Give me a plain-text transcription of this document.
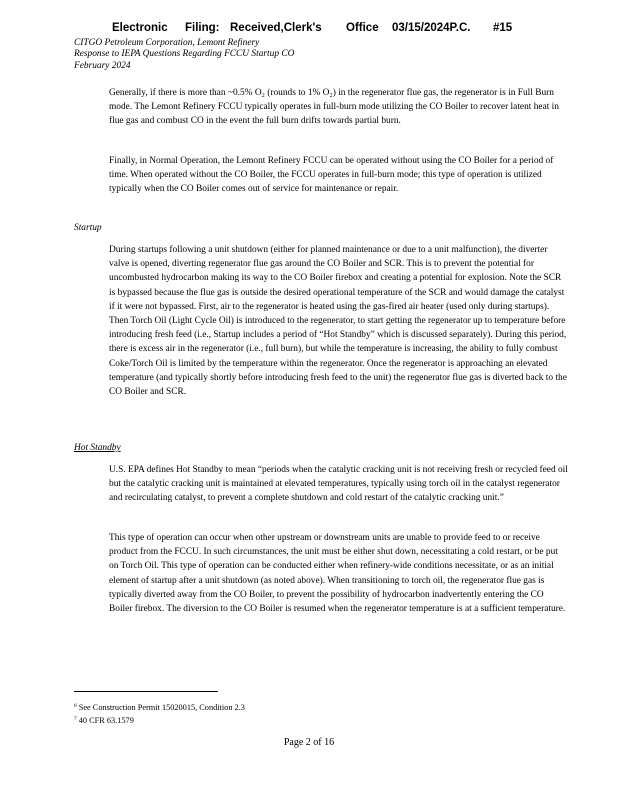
Electronic Filing: Received,Clerk's Office 03/15/2024P.C. #15
CITGO Petroleum Corporation, Lemont Refinery
Response to IEPA Questions Regarding FCCU Startup CO
February 2024

Generally, if there is more than ~0.5% O₂ (rounds to 1% O₂) in the regenerator flue gas, the regenerator is in Full Burn mode. The Lemont Refinery FCCU typically operates in full-burn mode utilizing the CO Boiler to recover latent heat in flue gas and combust CO in the event the full burn drifts towards partial burn.

Finally, in Normal Operation, the Lemont Refinery FCCU can be operated without using the CO Boiler for a period of time. When operated without the CO Boiler, the FCCU operates in full-burn mode; this type of operation is utilized typically when the CO Boiler comes out of service for maintenance or repair.

Startup

During startups following a unit shutdown (either for planned maintenance or due to a unit malfunction), the diverter valve is opened, diverting regenerator flue gas around the CO Boiler and SCR. This is to prevent the potential for uncombusted hydrocarbon making its way to the CO Boiler firebox and creating a potential for explosion. Note the SCR is bypassed because the flue gas is outside the desired operational temperature of the SCR and would damage the catalyst if it were not bypassed. First, air to the regenerator is heated using the gas-fired air heater (used only during startups). Then Torch Oil (Light Cycle Oil) is introduced to the regenerator, to start getting the regenerator up to temperature before introducing fresh feed (i.e., Startup includes a period of “Hot Standby” which is discussed separately). During this period, there is excess air in the regenerator (i.e., full burn), but while the temperature is increasing, the ability to fully combust Coke/Torch Oil is limited by the temperature within the regenerator. Once the regenerator is approaching an elevated temperature (and typically shortly before introducing fresh feed to the unit) the regenerator flue gas is diverted back to the CO Boiler and SCR.

Hot Standby

U.S. EPA defines Hot Standby to mean “periods when the catalytic cracking unit is not receiving fresh or recycled feed oil but the catalytic cracking unit is maintained at elevated temperatures, typically using torch oil in the catalyst regenerator and recirculating catalyst, to prevent a complete shutdown and cold restart of the catalytic cracking unit.”

This type of operation can occur when other upstream or downstream units are unable to provide feed to or receive product from the FCCU. In such circumstances, the unit must be either shut down, necessitating a cold restart, or be put on Torch Oil. This type of operation can be conducted either when refinery-wide conditions necessitate, or as an initial element of startup after a unit shutdown (as noted above). When transitioning to torch oil, the regenerator flue gas is typically diverted away from the CO Boiler, to prevent the possibility of hydrocarbon inadvertently entering the CO Boiler firebox. The diversion to the CO Boiler is resumed when the regenerator temperature is at a sufficient temperature.

$^6$ See Construction Permit 15020015, Condition 2.3
$^7$ 40 CFR 63.1579
Page 2 of 16
